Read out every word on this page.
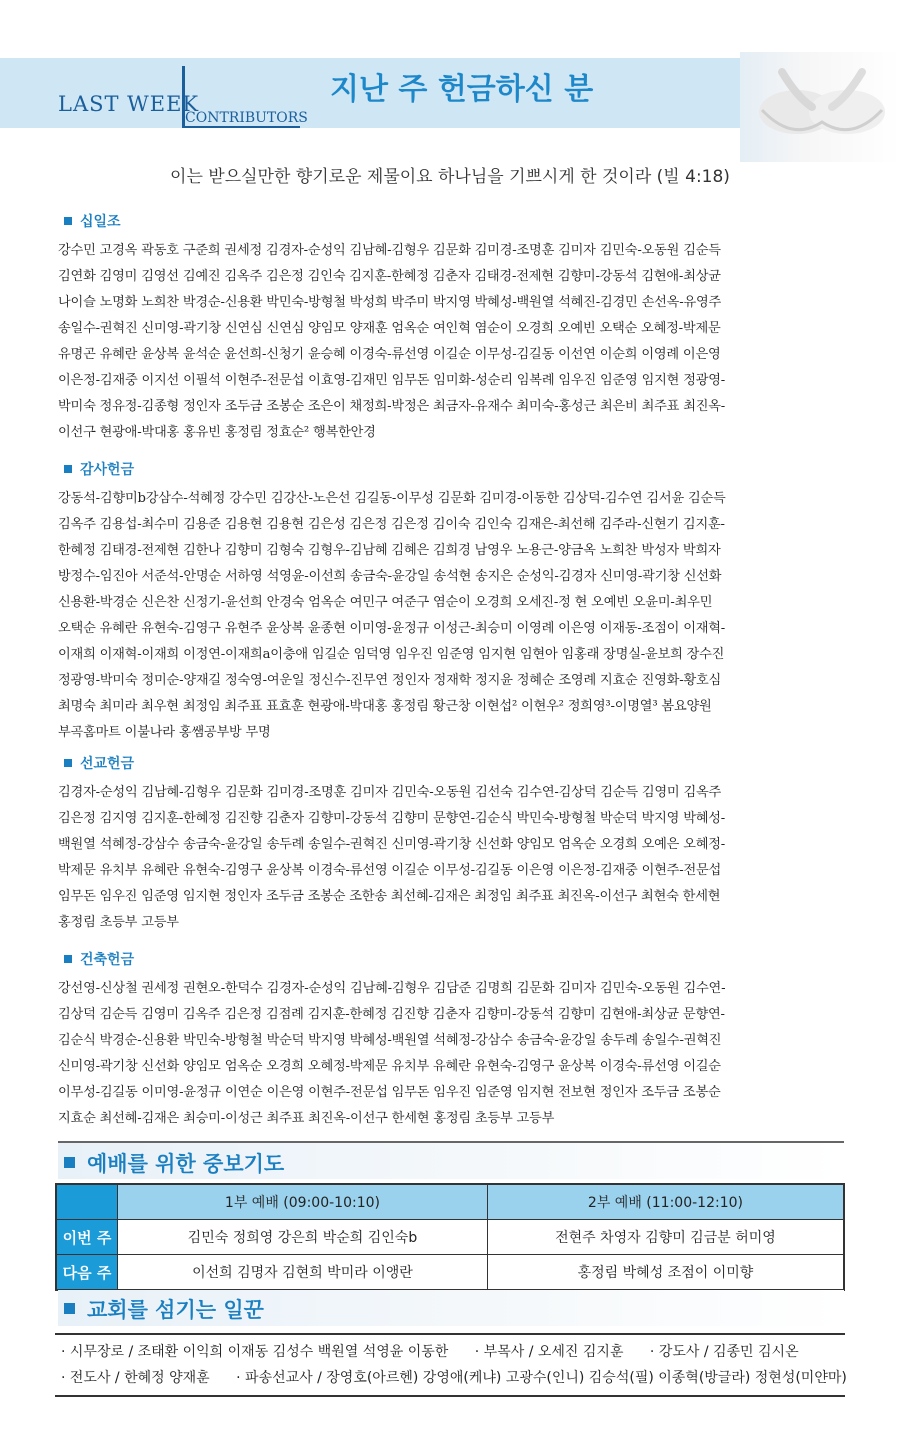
LAST WEEK
CONTRIBUTORS
지난 주 헌금하신 분
이는 받으실만한 향기로운 제물이요 하나님을 기쁘시게 한 것이라 (빌 4:18)
십일조
강수민 고경옥 곽동호 구준희 권세정 김경자-순성익 김남혜-김형우 김문화 김미경-조명훈 김미자 김민숙-오동원 김순득
김연화 김영미 김영선 김예진 김옥주 김은정 김인숙 김지훈-한혜정 김춘자 김태경-전제현 김향미-강동석 김현애-최상균
나이슬 노명화 노희찬 박경순-신용환 박민숙-방형철 박성희 박주미 박지영 박혜성-백원열 석혜진-김경민 손선옥-유영주
송일수-권혁진 신미영-곽기창 신연심 신연심 양임모 양재훈 엄옥순 여인혁 염순이 오경희 오예빈 오택순 오혜정-박제문
유명곤 유혜란 윤상복 윤석순 윤선희-신청기 윤승혜 이경숙-류선영 이길순 이무성-김길동 이선연 이순희 이영례 이은영
이은정-김재중 이지선 이필석 이현주-전문섭 이효영-김재민 임무돈 임미화-성순리 임복례 임우진 임준영 임지현 정광영-
박미숙 정유정-김종형 정인자 조두금 조봉순 조은이 채정희-박정은 최금자-유재수 최미숙-홍성근 최은비 최주표 최진옥-
이선구 현광애-박대홍 홍유빈 홍정림 정효순² 행복한안경
감사헌금
강동석-김향미b강삼수-석혜정 강수민 김강산-노은선 김길동-이무성 김문화 김미경-이동한 김상덕-김수연 김서윤 김순득
김옥주 김용섭-최수미 김용준 김용현 김용현 김은성 김은정 김은정 김이숙 김인숙 김재은-최선해 김주라-신현기 김지훈-
한혜정 김태경-전제현 김한나 김향미 김형숙 김형우-김남혜 김혜은 김희경 남영우 노용근-양금옥 노희찬 박성자 박희자
방정수-임진아 서준석-안명순 서하영 석영윤-이선희 송금숙-윤강일 송석현 송지은 순성익-김경자 신미영-곽기창 신선화
신용환-박경순 신은찬 신정기-윤선희 안경숙 엄옥순 여민구 여준구 염순이 오경희 오세진-정 현 오예빈 오윤미-최우민
오택순 유혜란 유현숙-김영구 유현주 윤상복 윤종현 이미영-윤정규 이성근-최승미 이영례 이은영 이재동-조점이 이재혁-
이재희 이재혁-이재희 이정연-이재희a이충애 임길순 임덕영 임우진 임준영 임지현 임현아 임홍래 장명실-윤보희 장수진
정광영-박미숙 정미순-양재길 정숙영-여운일 정신수-진무연 정인자 정재학 정지윤 정혜순 조영례 지효순 진영화-황호심
최명숙 최미라 최우현 최정임 최주표 표효훈 현광애-박대홍 홍정림 황근창 이현섭² 이현우² 정희영³-이명열³ 봄요양원
부곡홈마트 이불나라 홍쌤공부방 무명
선교헌금
김경자-순성익 김남혜-김형우 김문화 김미경-조명훈 김미자 김민숙-오동원 김선숙 김수연-김상덕 김순득 김영미 김옥주
김은정 김지영 김지훈-한혜정 김진향 김춘자 김향미-강동석 김향미 문향연-김순식 박민숙-방형철 박순덕 박지영 박혜성-
백원열 석혜정-강삼수 송금숙-윤강일 송두례 송일수-권혁진 신미영-곽기창 신선화 양임모 엄옥순 오경희 오예은 오혜정-
박제문 유치부 유혜란 유현숙-김영구 윤상복 이경숙-류선영 이길순 이무성-김길동 이은영 이은정-김재중 이현주-전문섭
임무돈 임우진 임준영 임지현 정인자 조두금 조봉순 조한송 최선혜-김재은 최정임 최주표 최진옥-이선구 최현숙 한세현
홍정림 초등부 고등부
건축헌금
강선영-신상철 권세정 권현오-한덕수 김경자-순성익 김남혜-김형우 김담준 김명희 김문화 김미자 김민숙-오동원 김수연-
김상덕 김순득 김영미 김옥주 김은정 김점례 김지훈-한혜정 김진향 김춘자 김향미-강동석 김향미 김현애-최상균 문향연-
김순식 박경순-신용환 박민숙-방형철 박순덕 박지영 박혜성-백원열 석혜정-강삼수 송금숙-윤강일 송두례 송일수-권혁진
신미영-곽기창 신선화 양임모 엄옥순 오경희 오혜정-박제문 유치부 유혜란 유현숙-김영구 윤상복 이경숙-류선영 이길순
이무성-김길동 이미영-윤정규 이연순 이은영 이현주-전문섭 임무돈 임우진 임준영 임지현 전보현 정인자 조두금 조봉순
지효순 최선혜-김재은 최승미-이성근 최주표 최진옥-이선구 한세현 홍정림 초등부 고등부
예배를 위한 중보기도
	1부 예배 (09:00-10:10)	2부 예배 (11:00-12:10)
이번 주	김민숙 정희영 강은희 박순희 김인숙b	전현주 차영자 김향미 김금분 허미영
다음 주	이선희 김명자 김현희 박미라 이앵란	홍정림 박혜성 조점이 이미향
교회를 섬기는 일꾼
· 시무장로 / 조태환 이익희 이재동 김성수 백원열 석영윤 이동한 · 부목사 / 오세진 김지훈 · 강도사 / 김종민 김시온
· 전도사 / 한혜정 양재훈 · 파송선교사 / 장영호(아르헨) 강영애(케냐) 고광수(인니) 김승석(필) 이종혁(방글라) 정현성(미얀마)
